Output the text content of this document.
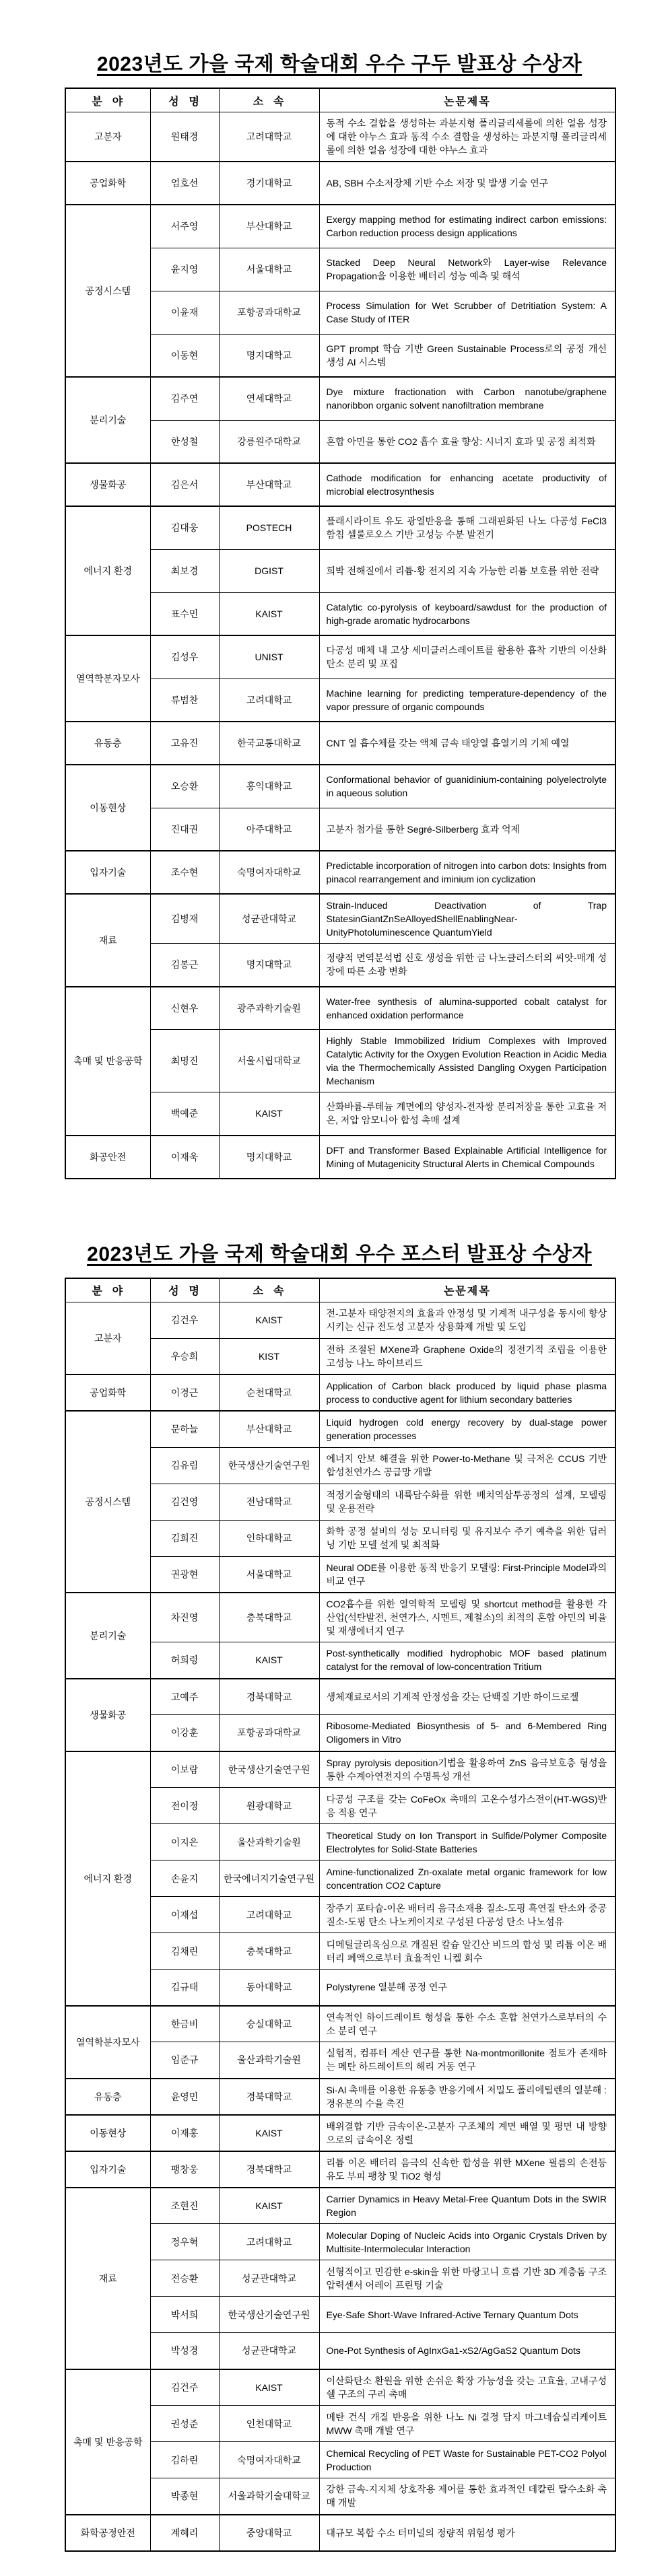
2023년도 가을 국제 학술대회 우수 구두 발표상 수상자
분  야	성  명	소  속	논문제목
고분자	원태경	고려대학교	동적 수소 결합을 생성하는 과분지형 폴리글리세롤에 의한 얼음 성장에 대한 야누스 효과 동적 수소 결합을 생성하는 과분지형 폴리글리세롤에 의한 얼음 성장에 대한 야누스 효과
공업화학	엄호선	경기대학교	AB, SBH 수소저장체 기반 수소 저장 및 발생 기술 연구
공정시스템	서주영	부산대학교	Exergy mapping method for estimating indirect carbon emissions: Carbon reduction process design applications
	윤지영	서울대학교	Stacked Deep Neural Network와 Layer-wise Relevance Propagation을 이용한 배터리 성능 예측 및 해석
	이윤재	포항공과대학교	Process Simulation for Wet Scrubber of Detritiation System: A Case Study of ITER
	이동현	명지대학교	GPT prompt 학습 기반 Green Sustainable Process로의 공정 개선 생성 AI 시스템
분리기술	김주연	연세대학교	Dye mixture fractionation with Carbon nanotube/graphene nanoribbon organic solvent nanofiltration membrane
	한성철	강릉원주대학교	혼합 아민을 통한 CO2 흡수 효율 향상: 시너지 효과 및 공정 최적화
생물화공	김은서	부산대학교	Cathode modification for enhancing acetate productivity of microbial electrosynthesis
에너지 환경	김대웅	POSTECH	플래시라이트 유도 광열반응을 통해 그래핀화된 나노 다공성 FeCl3 함침 셀룰로오스 기반 고성능 수분 발전기
	최보경	DGIST	희박 전해질에서 리튬-황 전지의 지속 가능한 리튬 보호를 위한 전략
	표수민	KAIST	Catalytic co-pyrolysis of keyboard/sawdust for the production of high-grade aromatic hydrocarbons
열역학분자모사	김성우	UNIST	다공성 매체 내 고상 세미클러스레이트를 활용한 흡착 기반의 이산화탄소 분리 및 포집
	류범찬	고려대학교	Machine learning for predicting temperature-dependency of the vapor pressure of organic compounds
유동층	고유진	한국교통대학교	CNT 열 흡수체를 갖는 액체 금속 태양열 흡열기의 기체 예열
이동현상	오승환	홍익대학교	Conformational behavior of guanidinium-containing polyelectrolyte in aqueous solution
	진대권	아주대학교	고분자 첨가를 통한 Segré-Silberberg 효과 억제
입자기술	조수현	숙명여자대학교	Predictable incorporation of nitrogen into carbon dots: Insights from pinacol rearrangement and iminium ion cyclization
재료	김병재	성균관대학교	Strain-Induced Deactivation of Trap StatesinGiantZnSeAlloyedShellEnablingNear-UnityPhotoluminescence QuantumYield
	김봉근	명지대학교	정량적 면역분석법 신호 생성을 위한 금 나노클러스터의 씨앗-매개 성장에 따른 소광 변화
촉매 및 반응공학	신현우	광주과학기술원	Water-free synthesis of alumina-supported cobalt catalyst for enhanced oxidation performance
	최명진	서울시립대학교	Highly Stable Immobilized Iridium Complexes with Improved Catalytic Activity for the Oxygen Evolution Reaction in Acidic Media via the Thermochemically Assisted Dangling Oxygen Participation Mechanism
	백예준	KAIST	산화바륨-루테늄 계면에의 양성자-전자쌍 분리저장을 통한 고효율 저온, 저압 암모니아 합성 촉매 설계
화공안전	이재욱	명지대학교	DFT and Transformer Based Explainable Artificial Intelligence for Mining of Mutagenicity Structural Alerts in Chemical Compounds
2023년도 가을 국제 학술대회 우수 포스터 발표상 수상자
분  야	성  명	소  속	논문제목
고분자	김건우	KAIST	전-고분자 태양전지의 효율과 안정성 및 기계적 내구성을 동시에 향상시키는 신규 전도성 고분자 상용화제 개발 및 도입
	우승희	KIST	전하 조절된 MXene과 Graphene Oxide의 정전기적 조립을 이용한 고성능 나노 하이브리드
공업화학	이경근	순천대학교	Application of Carbon black produced by liquid phase plasma process to conductive agent for lithium secondary batteries
공정시스템	문하늘	부산대학교	Liquid hydrogen cold energy recovery by dual-stage power generation processes
	김유림	한국생산기술연구원	에너지 안보 해결을 위한 Power-to-Methane 및 극저온 CCUS 기반 합성천연가스 공급망 개발
	김건영	전남대학교	적정기술형태의 내륙담수화를 위한 배치역삼투공정의 설계, 모델링 및 운용전략
	김희진	인하대학교	화학 공정 설비의 성능 모니터링 및 유지보수 주기 예측을 위한 딥러닝 기반 모델 설계 및 최적화
	권광현	서울대학교	Neural ODE를 이용한 동적 반응기 모델링: First-Principle Model과의 비교 연구
분리기술	차진영	충북대학교	CO2흡수를 위한 열역학적 모델링 및 shortcut method를 활용한 각 산업(석탄발전, 천연가스, 시멘트, 제철소)의 최적의 혼합 아민의 비율 및 재생에너지 연구
	허희령	KAIST	Post-synthetically modified hydrophobic MOF based platinum catalyst for the removal of low-concentration Tritium
생물화공	고예주	경북대학교	생체재료로서의 기계적 안정성을 갖는 단백질 기반 하이드로젤
	이강훈	포항공과대학교	Ribosome-Mediated Biosynthesis of 5- and 6-Membered Ring Oligomers in Vitro
에너지 환경	이보람	한국생산기술연구원	Spray pyrolysis deposition기법을 활용하여 ZnS 음극보호층 형성을 통한 수계아연전지의 수명특성 개선
	전이정	원광대학교	다공성 구조를 갖는 CoFeOx 촉매의 고온수성가스전이(HT-WGS)반응 적용 연구
	이지은	울산과학기술원	Theoretical Study on Ion Transport in Sulfide/Polymer Composite Electrolytes for Solid-State Batteries
	손윤지	한국에너지기술연구원	Amine-functionalized Zn-oxalate metal organic framework for low concentration CO2 Capture
	이재섭	고려대학교	장주기 포타슘-이온 배터리 음극소재용 질소-도핑 흑연질 탄소와 중공 질소-도핑 탄소 나노케이지로 구성된 다공성 탄소 나노섬유
	김채린	충북대학교	디메틸글리옥심으로 개질된 칼슘 알긴산 비드의 합성 및 리튬 이온 배터리 폐액으로부터 효율적인 니켈 회수
	김규태	동아대학교	Polystyrene 열분해 공정 연구
열역학분자모사	한금비	숭실대학교	연속적인 하이드레이트 형성을 통한 수소 혼합 천연가스로부터의 수소 분리 연구
	임준규	울산과학기술원	실험적, 컴퓨터 계산 연구를 통한 Na-montmorillonite 점토가 존재하는 메탄 하드레이트의 해리 거동 연구
유동층	윤영민	경북대학교	Si-Al 촉매를 이용한 유동층 반응기에서 저밀도 폴리에틸렌의 열분해 : 경유분의 수율 촉진
이동현상	이재홍	KAIST	배위결합 기반 금속이온-고분자 구조체의 계면 배열 및 평면 내 방향으로의 금속이온 정렬
입자기술	팽창웅	경북대학교	리튬 이온 배터리 음극의 신속한 합성을 위한 MXene 필름의 손전등 유도 부피 팽창 및 TiO2 형성
재료	조현진	KAIST	Carrier Dynamics in Heavy Metal-Free Quantum Dots in the SWIR Region
	정우혁	고려대학교	Molecular Doping of Nucleic Acids into Organic Crystals Driven by Multisite-Intermolecular Interaction
	전승환	성균관대학교	선형적이고 민감한 e-skin을 위한 마랑고니 흐름 기반 3D 계층돔 구조 압력센서 어레이 프린팅 기술
	박서희	한국생산기술연구원	Eye-Safe Short-Wave Infrared-Active Ternary Quantum Dots
	박성경	성균관대학교	One-Pot Synthesis of AgInxGa1-xS2/AgGaS2 Quantum Dots
촉매 및 반응공학	김건주	KAIST	이산화탄소 환원을 위한 손쉬운 확장 가능성을 갖는 고효율, 고내구성 쉘 구조의 구리 촉매
	권성준	인천대학교	메탄 건식 개질 반응을 위한 나노 Ni 결정 담지 마그네슘실리케이트 MWW 촉매 개발 연구
	김하린	숙명여자대학교	Chemical Recycling of PET Waste for Sustainable PET-CO2 Polyol Production
	박종현	서울과학기술대학교	강한 금속-지지체 상호작용 제어를 통한 효과적인 데칼린 탈수소화 촉매 개발
화학공정안전	계혜리	중앙대학교	대규모 복합 수소 터미널의 정량적 위험성 평가
